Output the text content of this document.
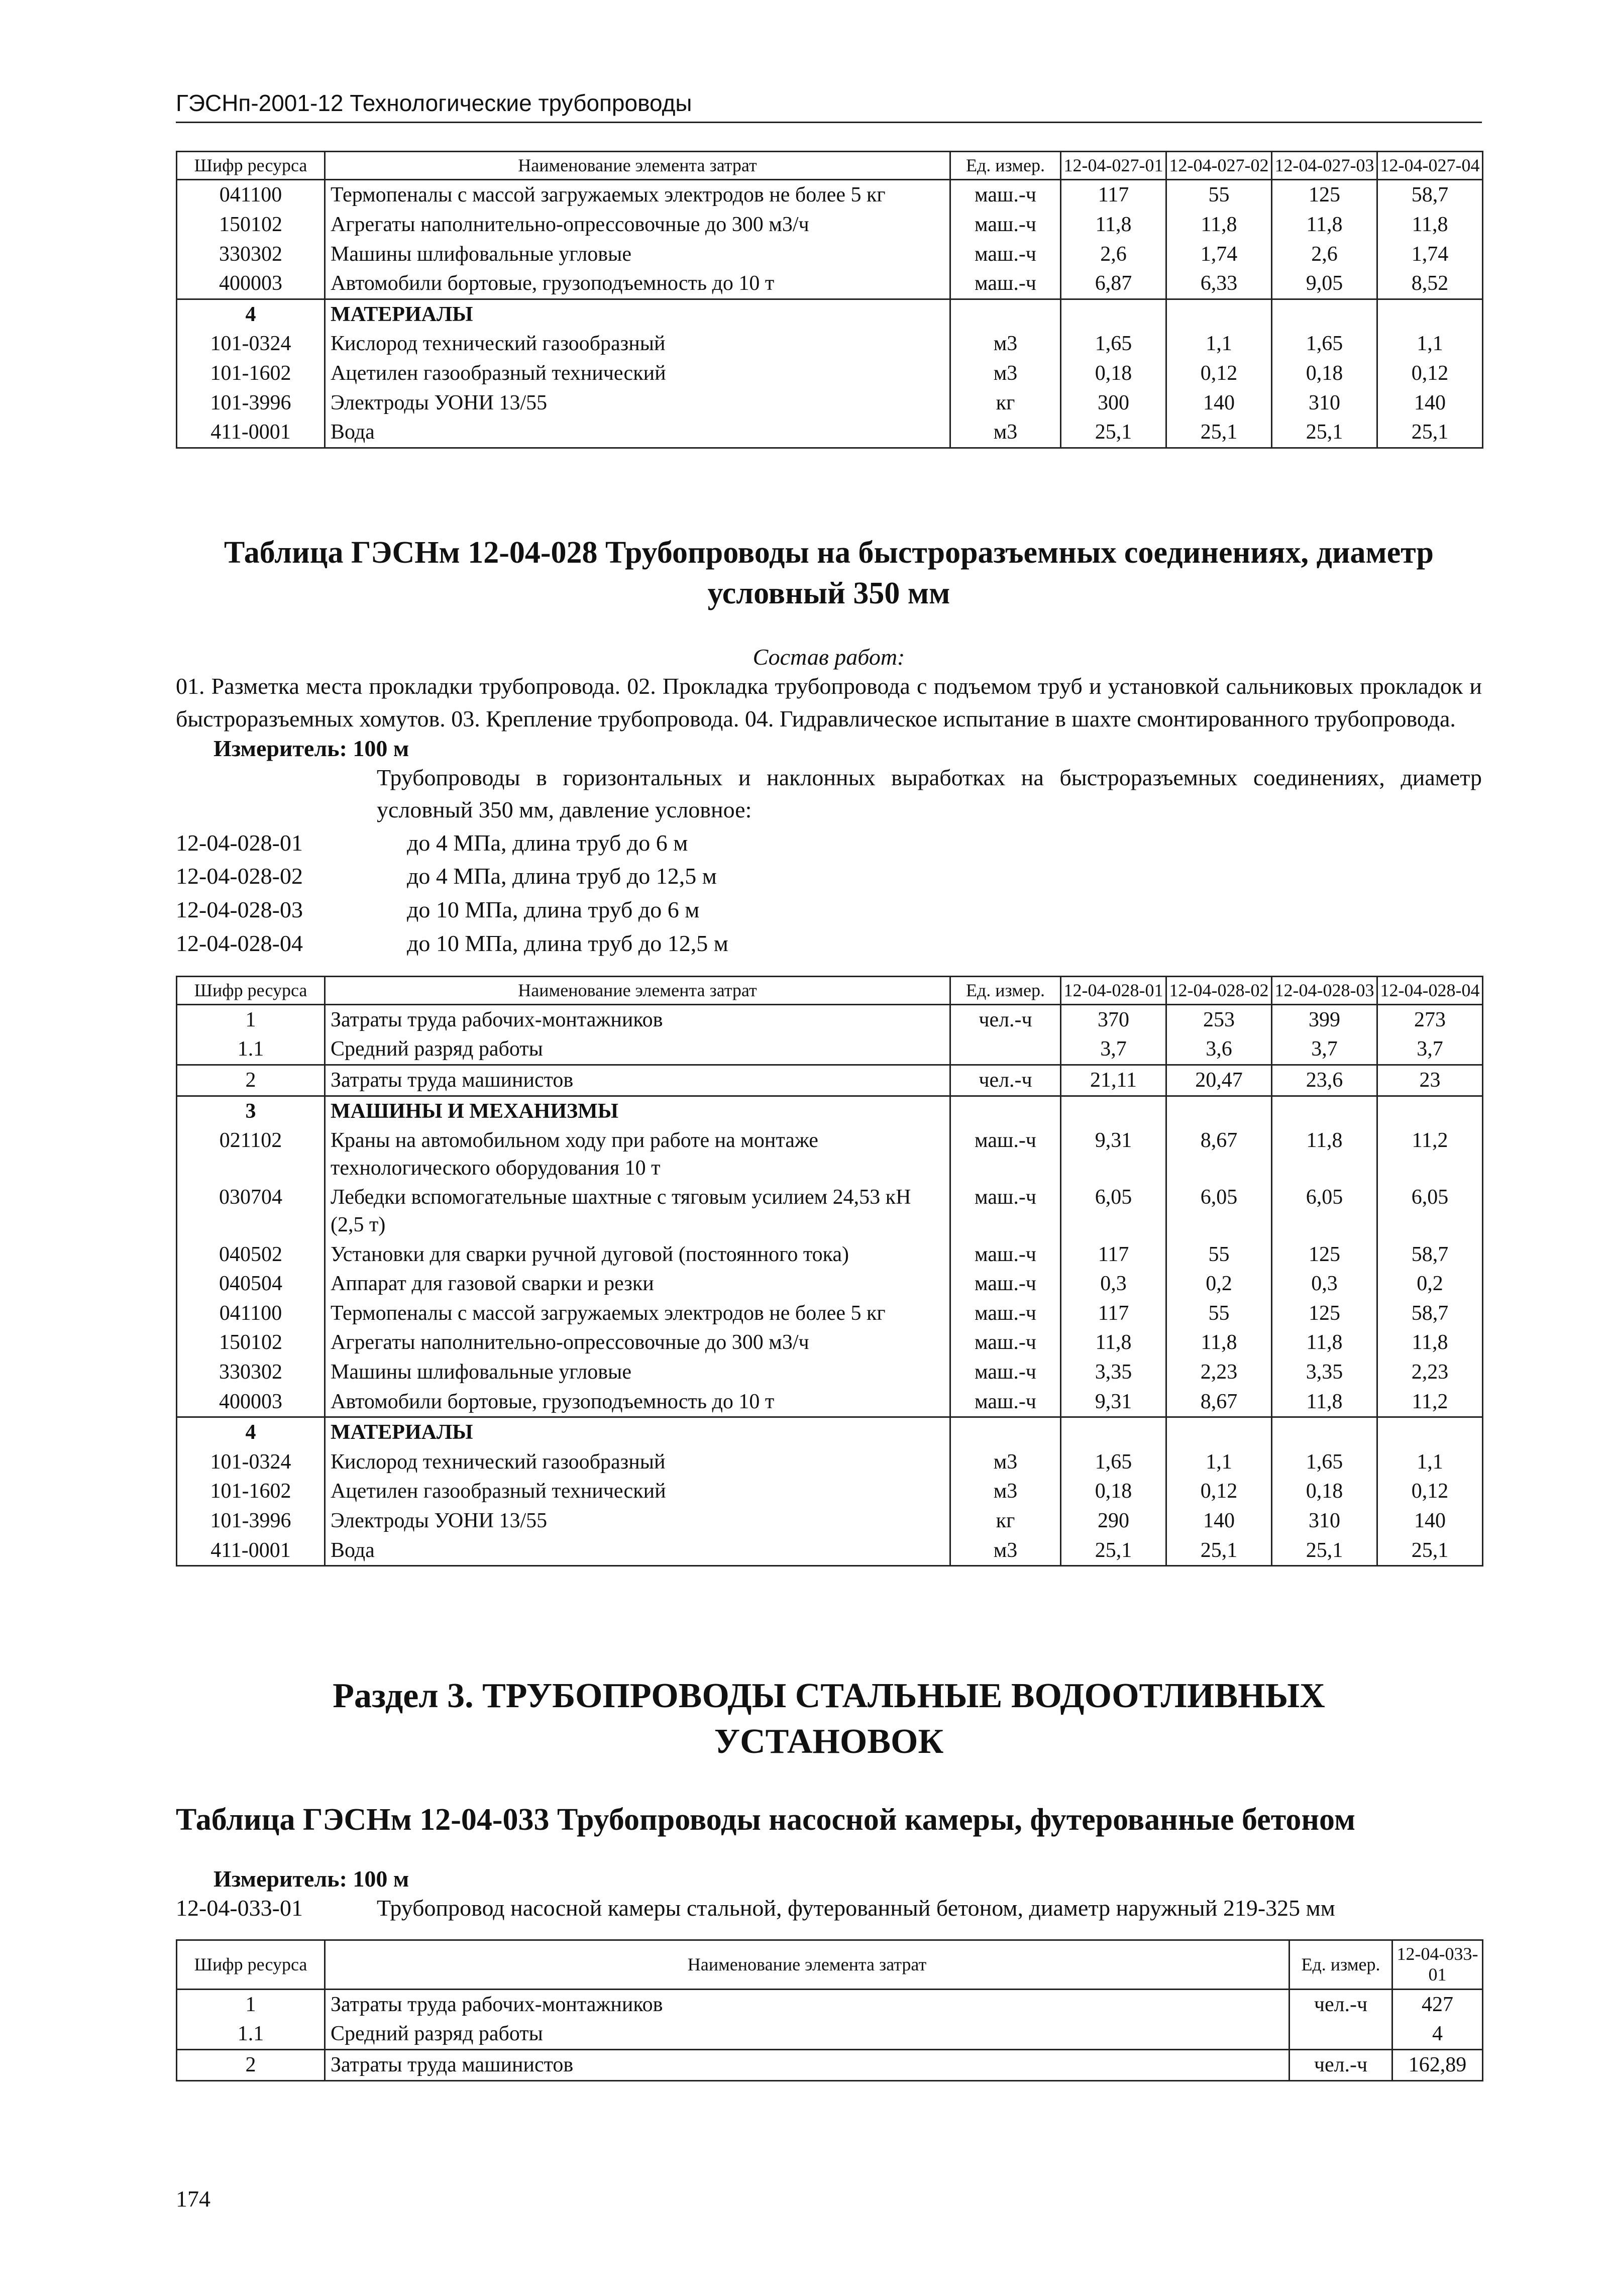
ГЭСНп-2001-12 Технологические трубопроводы
Шифр ресурса	Наименование элемента затрат	Ед. измер.	12-04-027-01	12-04-027-02	12-04-027-03	12-04-027-04
041100	Термопеналы с массой загружаемых электродов не более 5 кг	маш.-ч	117	55	125	58,7
150102	Агрегаты наполнительно-опрессовочные до 300 м3/ч	маш.-ч	11,8	11,8	11,8	11,8
330302	Машины шлифовальные угловые	маш.-ч	2,6	1,74	2,6	1,74
400003	Автомобили бортовые, грузоподъемность до 10 т	маш.-ч	6,87	6,33	9,05	8,52
4	МАТЕРИАЛЫ					
101-0324	Кислород технический газообразный	м3	1,65	1,1	1,65	1,1
101-1602	Ацетилен газообразный технический	м3	0,18	0,12	0,18	0,12
101-3996	Электроды УОНИ 13/55	кг	300	140	310	140
411-0001	Вода	м3	25,1	25,1	25,1	25,1
Таблица ГЭСНм 12-04-028 Трубопроводы на быстроразъемных соединениях, диаметр условный 350 мм
Состав работ:
01. Разметка места прокладки трубопровода. 02. Прокладка трубопровода с подъемом труб и установкой сальниковых прокладок и быстроразъемных хомутов. 03. Крепление трубопровода. 04. Гидравлическое испытание в шахте смонтированного трубопровода.
Измеритель: 100 м
Трубопроводы в горизонтальных и наклонных выработках на быстроразъемных соединениях, диаметр условный 350 мм, давление условное:
12-04-028-01	до 4 МПа, длина труб до 6 м
12-04-028-02	до 4 МПа, длина труб до 12,5 м
12-04-028-03	до 10 МПа, длина труб до 6 м
12-04-028-04	до 10 МПа, длина труб до 12,5 м
Шифр ресурса	Наименование элемента затрат	Ед. измер.	12-04-028-01	12-04-028-02	12-04-028-03	12-04-028-04
1	Затраты труда рабочих-монтажников	чел.-ч	370	253	399	273
1.1	Средний разряд работы		3,7	3,6	3,7	3,7
2	Затраты труда машинистов	чел.-ч	21,11	20,47	23,6	23
3	МАШИНЫ И МЕХАНИЗМЫ					
021102	Краны на автомобильном ходу при работе на монтаже технологического оборудования 10 т	маш.-ч	9,31	8,67	11,8	11,2
030704	Лебедки вспомогательные шахтные с тяговым усилием 24,53 кН (2,5 т)	маш.-ч	6,05	6,05	6,05	6,05
040502	Установки для сварки ручной дуговой (постоянного тока)	маш.-ч	117	55	125	58,7
040504	Аппарат для газовой сварки и резки	маш.-ч	0,3	0,2	0,3	0,2
041100	Термопеналы с массой загружаемых электродов не более 5 кг	маш.-ч	117	55	125	58,7
150102	Агрегаты наполнительно-опрессовочные до 300 м3/ч	маш.-ч	11,8	11,8	11,8	11,8
330302	Машины шлифовальные угловые	маш.-ч	3,35	2,23	3,35	2,23
400003	Автомобили бортовые, грузоподъемность до 10 т	маш.-ч	9,31	8,67	11,8	11,2
4	МАТЕРИАЛЫ					
101-0324	Кислород технический газообразный	м3	1,65	1,1	1,65	1,1
101-1602	Ацетилен газообразный технический	м3	0,18	0,12	0,18	0,12
101-3996	Электроды УОНИ 13/55	кг	290	140	310	140
411-0001	Вода	м3	25,1	25,1	25,1	25,1
Раздел 3. ТРУБОПРОВОДЫ СТАЛЬНЫЕ ВОДООТЛИВНЫХ
УСТАНОВОК
Таблица ГЭСНм 12-04-033 Трубопроводы насосной камеры, футерованные бетоном
Измеритель: 100 м
12-04-033-01	Трубопровод насосной камеры стальной, футерованный бетоном, диаметр наружный 219-325 мм
Шифр ресурса	Наименование элемента затрат	Ед. измер.	12-04-033-01
1	Затраты труда рабочих-монтажников	чел.-ч	427
1.1	Средний разряд работы		4
2	Затраты труда машинистов	чел.-ч	162,89
174
